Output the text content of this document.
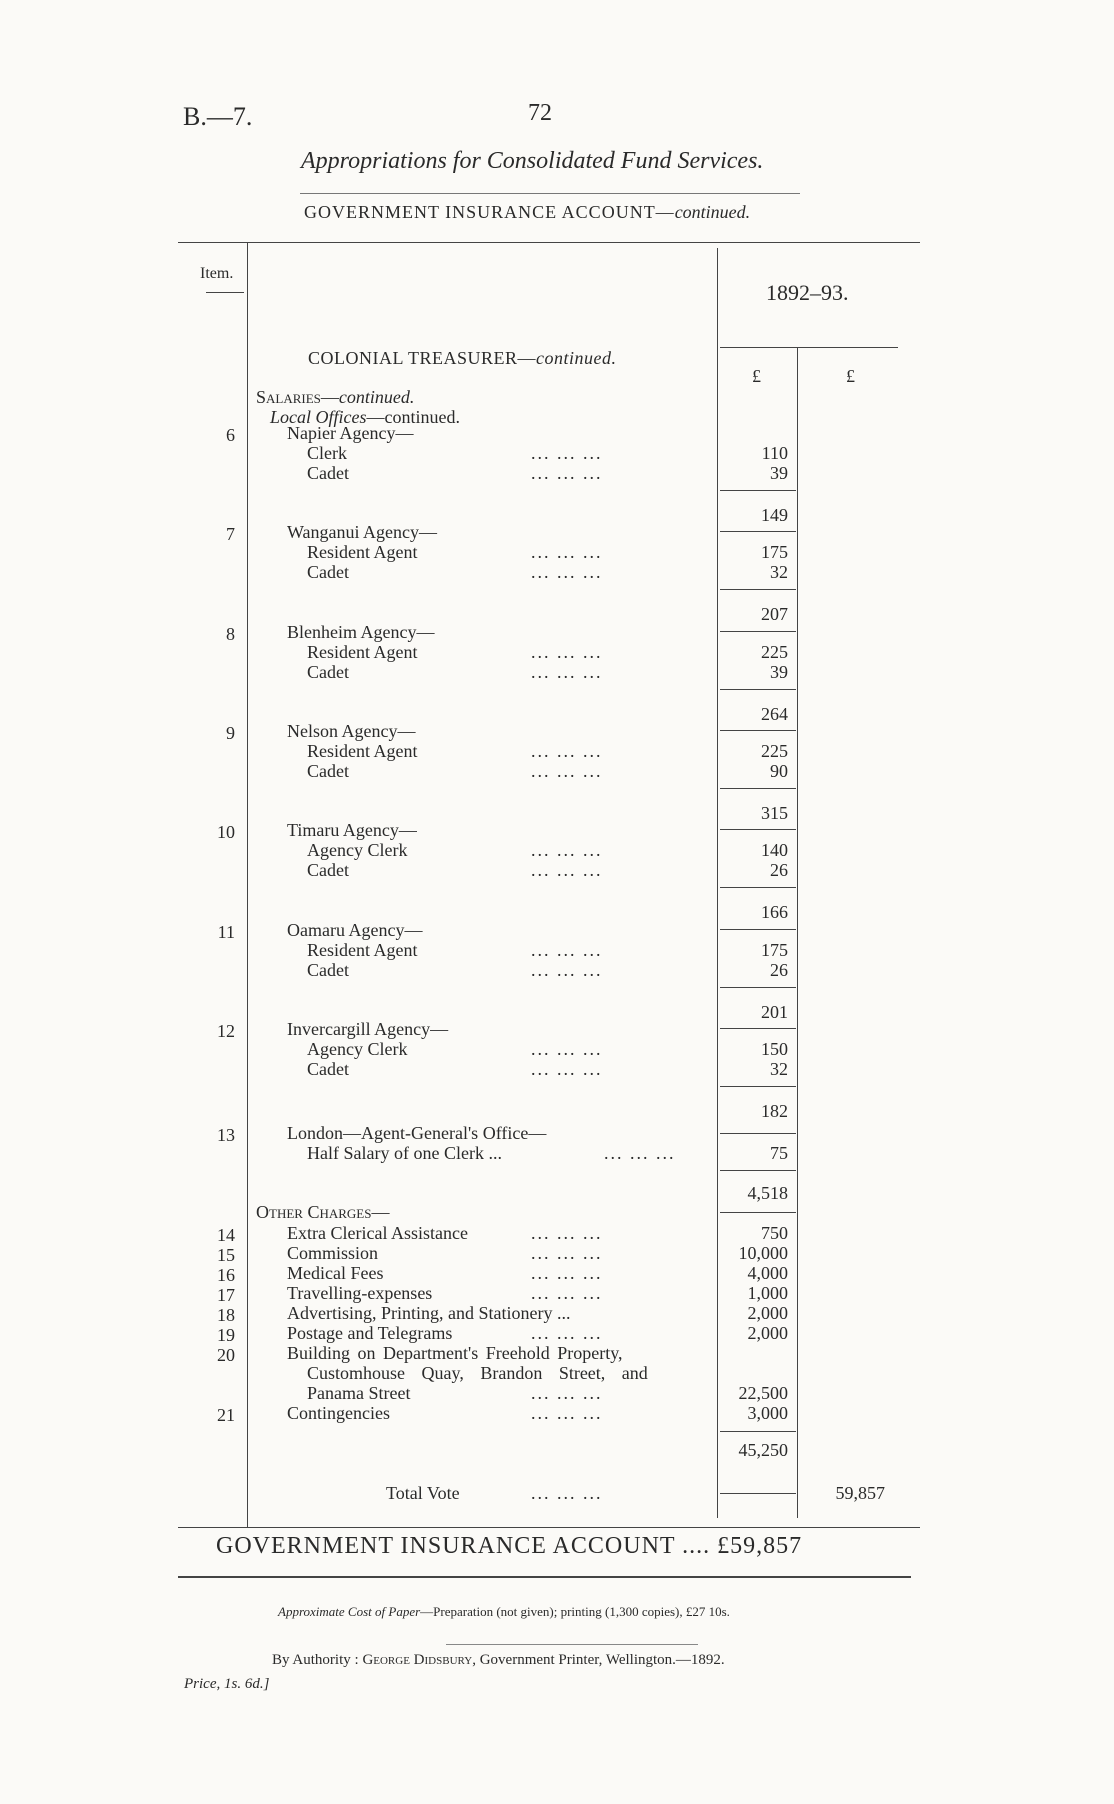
B.—7.	72
Appropriations for Consolidated Fund Services.
GOVERNMENT INSURANCE ACCOUNT—continued.
Item.
1892–93.
£	£
COLONIAL TREASURER—continued.
Salaries—continued.
Local Offices—continued.
6	Napier Agency—
Clerk	... ... ...	110
Cadet	... ... ...	39
149
7	Wanganui Agency—
Resident Agent	... ... ...	175
Cadet	... ... ...	32
207
8	Blenheim Agency—
Resident Agent	... ... ...	225
Cadet	... ... ...	39
264
9	Nelson Agency—
Resident Agent	... ... ...	225
Cadet	... ... ...	90
315
10	Timaru Agency—
Agency Clerk	... ... ...	140
Cadet	... ... ...	26
166
11	Oamaru Agency—
Resident Agent	... ... ...	175
Cadet	... ... ...	26
201
12	Invercargill Agency—
Agency Clerk	... ... ...	150
Cadet	... ... ...	32
182
13	London—Agent-General's Office—
Half Salary of one Clerk ...	... ... ...	75
4,518
Other Charges—
14	Extra Clerical Assistance	... ... ...	750
15	Commission	... ... ...	10,000
16	Medical Fees	... ... ...	4,000
17	Travelling-expenses	... ... ...	1,000
18	Advertising, Printing, and Stationery ...	2,000
19	Postage and Telegrams	... ... ...	2,000
20	Building on Department's Freehold Property,
Customhouse Quay, Brandon Street, and
Panama Street	... ... ...	22,500
21	Contingencies	... ... ...	3,000
45,250
Total Vote	... ... ...	59,857
GOVERNMENT INSURANCE ACCOUNT .... £59,857
Approximate Cost of Paper—Preparation (not given); printing (1,300 copies), £27 10s.
By Authority : George Didsbury, Government Printer, Wellington.—1892.
Price, 1s. 6d.]
